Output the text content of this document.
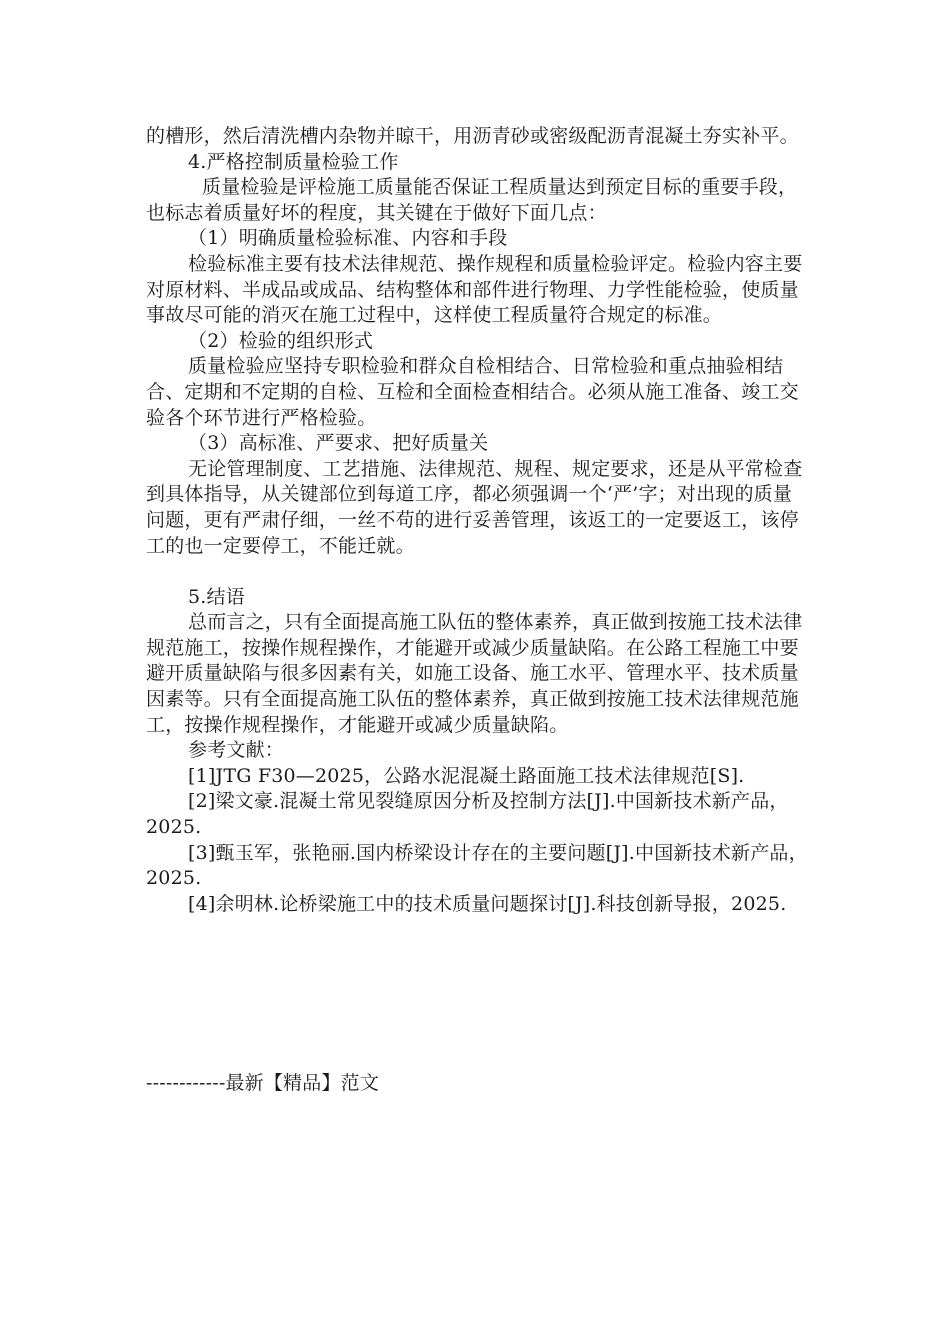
的槽形，然后清洗槽内杂物并晾干，用沥青砂或密级配沥青混凝土夯实补平。

4.严格控制质量检验工作

质量检验是评检施工质量能否保证工程质量达到预定目标的重要手段，也标志着质量好坏的程度，其关键在于做好下面几点：

（1）明确质量检验标准、内容和手段

检验标准主要有技术法律规范、操作规程和质量检验评定。检验内容主要对原材料、半成品或成品、结构整体和部件进行物理、力学性能检验，使质量事故尽可能的消灭在施工过程中，这样使工程质量符合规定的标准。

（2）检验的组织形式

质量检验应坚持专职检验和群众自检相结合、日常检验和重点抽验相结合、定期和不定期的自检、互检和全面检查相结合。必须从施工准备、竣工交验各个环节进行严格检验。

（3）高标准、严要求、把好质量关

无论管理制度、工艺措施、法律规范、规程、规定要求，还是从平常检查到具体指导，从关键部位到每道工序，都必须强调一个‘严’字；对出现的质量问题，更有严肃仔细，一丝不苟的进行妥善管理，该返工的一定要返工，该停工的也一定要停工，不能迁就。

5.结语

总而言之，只有全面提高施工队伍的整体素养，真正做到按施工技术法律规范施工，按操作规程操作，才能避开或减少质量缺陷。在公路工程施工中要避开质量缺陷与很多因素有关，如施工设备、施工水平、管理水平、技术质量因素等。只有全面提高施工队伍的整体素养，真正做到按施工技术法律规范施工，按操作规程操作，才能避开或减少质量缺陷。

参考文献：

[1]JTG F30—2025，公路水泥混凝土路面施工技术法律规范[S].

[2]梁文豪.混凝土常见裂缝原因分析及控制方法[J].中国新技术新产品，2025.

[3]甄玉军，张艳丽.国内桥梁设计存在的主要问题[J].中国新技术新产品，2025.

[4]余明林.论桥梁施工中的技术质量问题探讨[J].科技创新导报，2025.

------------最新【精品】范文
